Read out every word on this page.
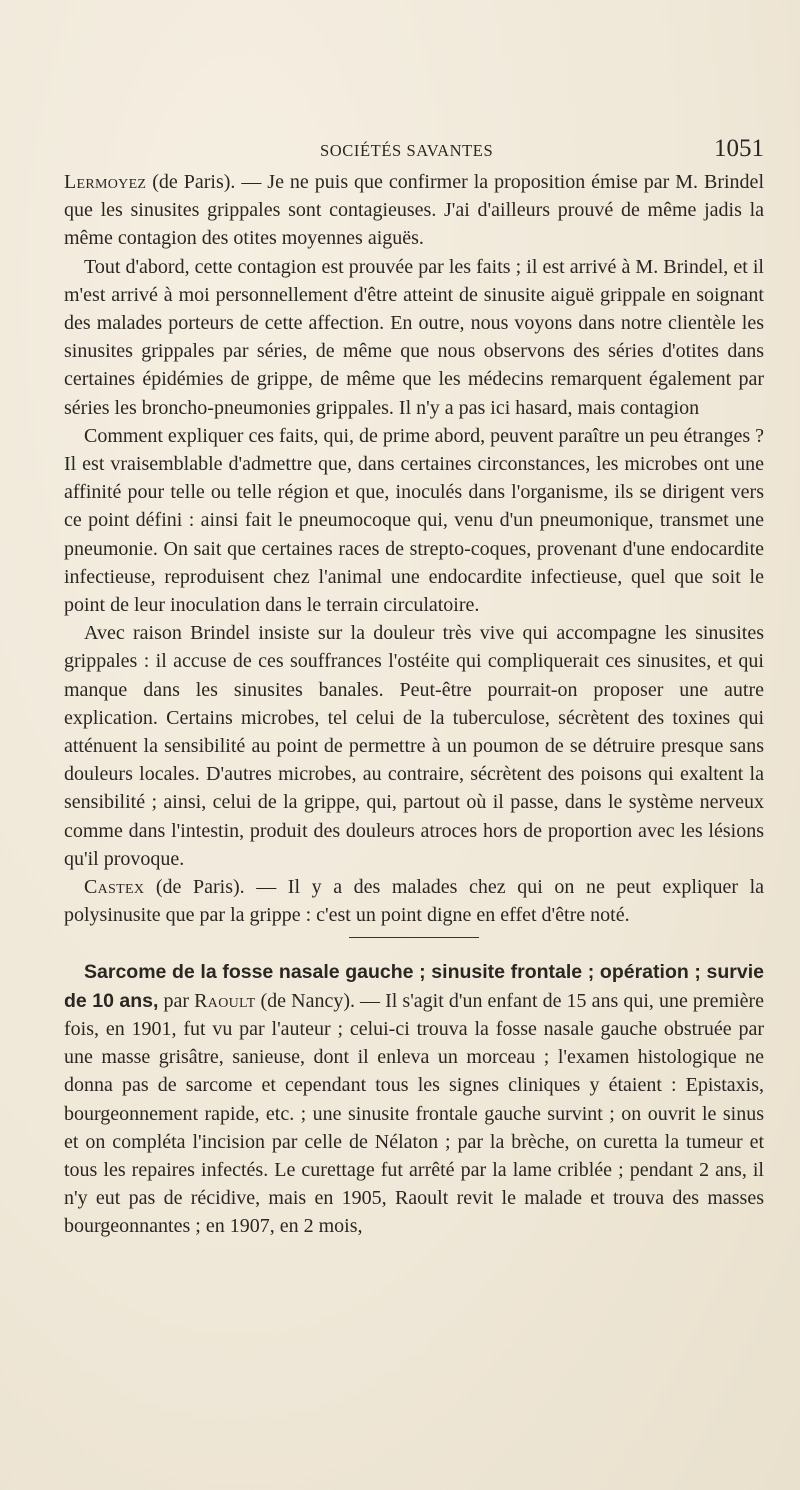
SOCIÉTÉS SAVANTES	1051

Lermoyez (de Paris). — Je ne puis que confirmer la proposition émise par M. Brindel que les sinusites grippales sont contagieuses. J'ai d'ailleurs prouvé de même jadis la même contagion des otites moyennes aiguës.

Tout d'abord, cette contagion est prouvée par les faits ; il est arrivé à M. Brindel, et il m'est arrivé à moi personnellement d'être atteint de sinusite aiguë grippale en soignant des malades porteurs de cette affection. En outre, nous voyons dans notre clientèle les sinusites grippales par séries, de même que nous observons des séries d'otites dans certaines épidémies de grippe, de même que les médecins remarquent également par séries les broncho-pneumonies grippales. Il n'y a pas ici hasard, mais contagion

Comment expliquer ces faits, qui, de prime abord, peuvent paraître un peu étranges ? Il est vraisemblable d'admettre que, dans certaines circonstances, les microbes ont une affinité pour telle ou telle région et que, inoculés dans l'organisme, ils se dirigent vers ce point défini : ainsi fait le pneumocoque qui, venu d'un pneumonique, transmet une pneumonie. On sait que certaines races de strepto-coques, provenant d'une endocardite infectieuse, reproduisent chez l'animal une endocardite infectieuse, quel que soit le point de leur inoculation dans le terrain circulatoire.

Avec raison Brindel insiste sur la douleur très vive qui accompagne les sinusites grippales : il accuse de ces souffrances l'ostéite qui compliquerait ces sinusites, et qui manque dans les sinusites banales. Peut-être pourrait-on proposer une autre explication. Certains microbes, tel celui de la tuberculose, sécrètent des toxines qui atténuent la sensibilité au point de permettre à un poumon de se détruire presque sans douleurs locales. D'autres microbes, au contraire, sécrètent des poisons qui exaltent la sensibilité ; ainsi, celui de la grippe, qui, partout où il passe, dans le système nerveux comme dans l'intestin, produit des douleurs atroces hors de proportion avec les lésions qu'il provoque.

Castex (de Paris). — Il y a des malades chez qui on ne peut expliquer la polysinusite que par la grippe : c'est un point digne en effet d'être noté.

Sarcome de la fosse nasale gauche ; sinusite frontale ; opération ; survie de 10 ans, par Raoult (de Nancy). — Il s'agit d'un enfant de 15 ans qui, une première fois, en 1901, fut vu par l'auteur ; celui-ci trouva la fosse nasale gauche obstruée par une masse grisâtre, sanieuse, dont il enleva un morceau ; l'examen histologique ne donna pas de sarcome et cependant tous les signes cliniques y étaient : Epistaxis, bourgeonnement rapide, etc. ; une sinusite frontale gauche survint ; on ouvrit le sinus et on compléta l'incision par celle de Nélaton ; par la brèche, on curetta la tumeur et tous les repaires infectés. Le curettage fut arrêté par la lame criblée ; pendant 2 ans, il n'y eut pas de récidive, mais en 1905, Raoult revit le malade et trouva des masses bourgeonnantes ; en 1907, en 2 mois,
